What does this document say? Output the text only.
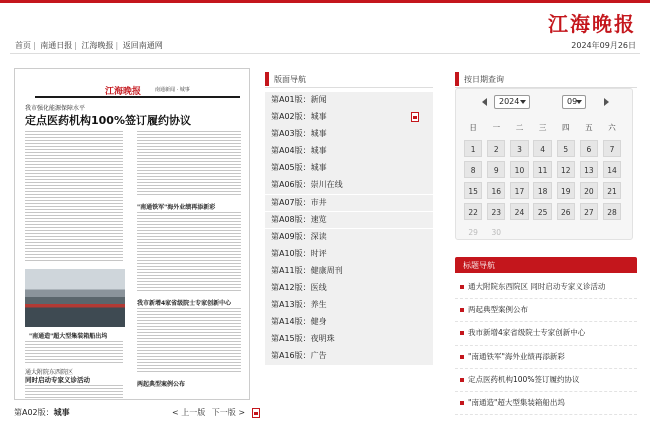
江海晚报
首页 | 南通日报 | 江海晚报 | 返回南通网	2024年09月26日
江海晚报	南通新闻 · 城事
我市强化能源保障水平
定点医药机构100%签订履约协议
"南通铁军"海外业绩再添新彩
我市新增4家省级院士专家创新中心
两起典型案例公布
"南通造"超大型集装箱船出坞
通大附院东西院区
同时启动专家义诊活动
第A02版：城事	< 上一版 下一版 >
版面导航
第A01版：新闻
第A02版：城事
第A03版：城事
第A04版：城事
第A05版：城事
第A06版：崇川在线
第A07版：市井
第A08版：速览
第A09版：深读
第A10版：时评
第A11版：健康周刊
第A12版：医线
第A13版：养生
第A14版：健身
第A15版：夜明珠
第A16版：广告
按日期查询
2024	09
日	一	二	三	四	五	六
1	2	3	4	5	6	7
8	9	10	11	12	13	14
15	16	17	18	19	20	21
22	23	24	25	26	27	28
29	30
标题导航
通大附院东西院区 同时启动专家义诊活动
两起典型案例公布
我市新增4家省级院士专家创新中心
"南通铁军"海外业绩再添新彩
定点医药机构100%签订履约协议
"南通造"超大型集装箱船出坞
